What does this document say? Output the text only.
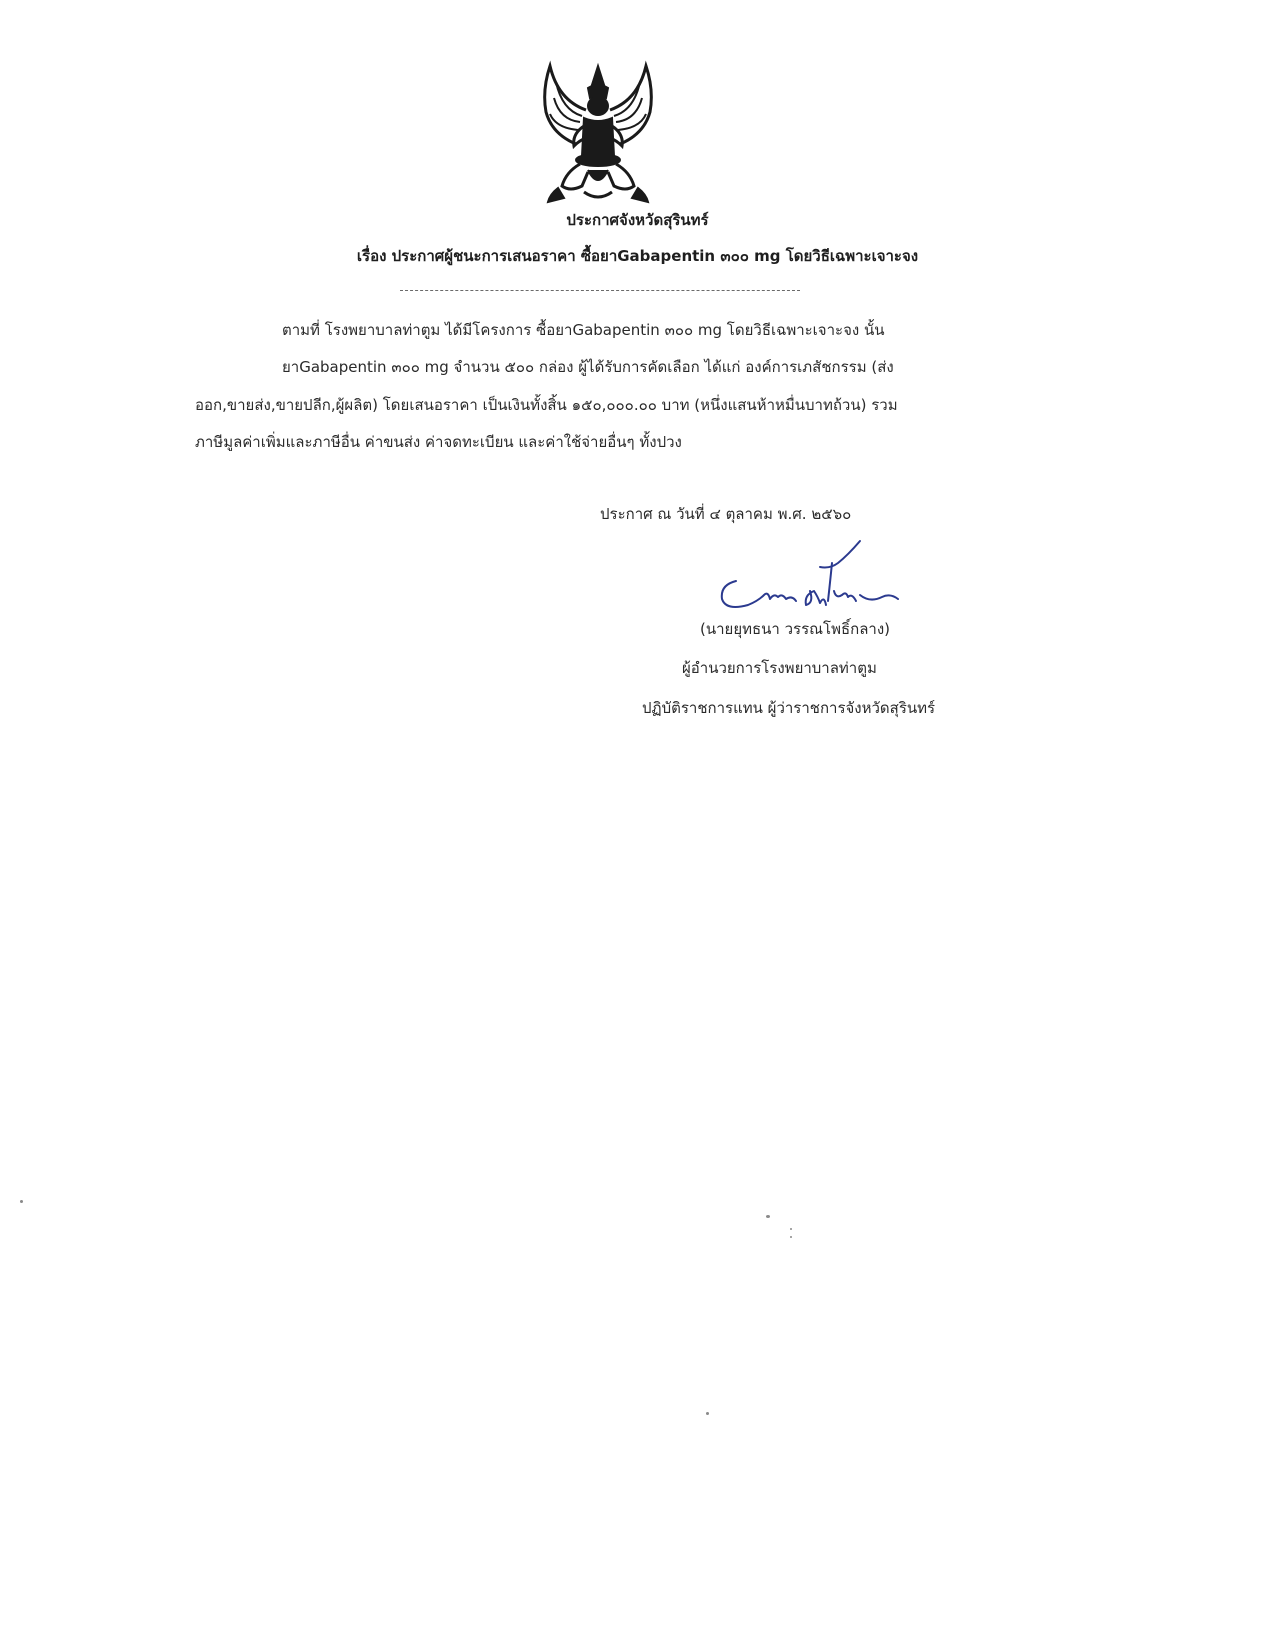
ประกาศจังหวัดสุรินทร์
เรื่อง ประกาศผู้ชนะการเสนอราคา ซื้อยาGabapentin ๓๐๐ mg โดยวิธีเฉพาะเจาะจง
ตามที่ โรงพยาบาลท่าตูม ได้มีโครงการ ซื้อยาGabapentin ๓๐๐ mg โดยวิธีเฉพาะเจาะจง นั้น
ยาGabapentin ๓๐๐ mg จำนวน ๕๐๐ กล่อง ผู้ได้รับการคัดเลือก ได้แก่ องค์การเภสัชกรรม (ส่ง
ออก,ขายส่ง,ขายปลีก,ผู้ผลิต) โดยเสนอราคา เป็นเงินทั้งสิ้น ๑๕๐,๐๐๐.๐๐ บาท (หนึ่งแสนห้าหมื่นบาทถ้วน) รวม
ภาษีมูลค่าเพิ่มและภาษีอื่น ค่าขนส่ง ค่าจดทะเบียน และค่าใช้จ่ายอื่นๆ ทั้งปวง
ประกาศ ณ วันที่ ๔ ตุลาคม พ.ศ. ๒๕๖๐
(นายยุทธนา วรรณโพธิ์กลาง)
ผู้อำนวยการโรงพยาบาลท่าตูม
ปฏิบัติราชการแทน ผู้ว่าราชการจังหวัดสุรินทร์
